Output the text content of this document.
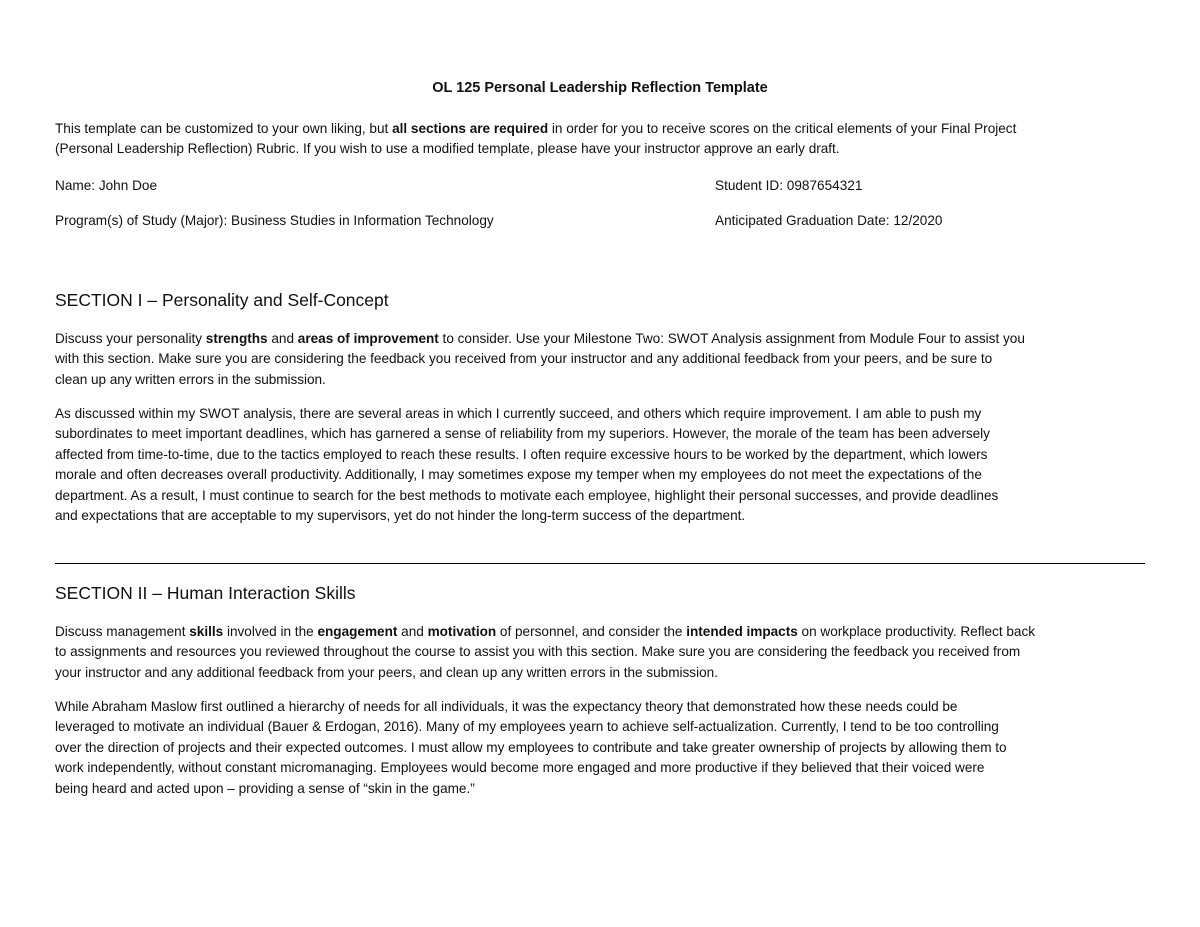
OL 125 Personal Leadership Reflection Template
This template can be customized to your own liking, but all sections are required in order for you to receive scores on the critical elements of your Final Project
(Personal Leadership Reflection) Rubric. If you wish to use a modified template, please have your instructor approve an early draft.
Name: John Doe	Student ID: 0987654321
Program(s) of Study (Major): Business Studies in Information Technology	Anticipated Graduation Date: 12/2020
SECTION I – Personality and Self-Concept
Discuss your personality strengths and areas of improvement to consider. Use your Milestone Two: SWOT Analysis assignment from Module Four to assist you
with this section. Make sure you are considering the feedback you received from your instructor and any additional feedback from your peers, and be sure to
clean up any written errors in the submission.
As discussed within my SWOT analysis, there are several areas in which I currently succeed, and others which require improvement. I am able to push my
subordinates to meet important deadlines, which has garnered a sense of reliability from my superiors. However, the morale of the team has been adversely
affected from time-to-time, due to the tactics employed to reach these results. I often require excessive hours to be worked by the department, which lowers
morale and often decreases overall productivity. Additionally, I may sometimes expose my temper when my employees do not meet the expectations of the
department. As a result, I must continue to search for the best methods to motivate each employee, highlight their personal successes, and provide deadlines
and expectations that are acceptable to my supervisors, yet do not hinder the long-term success of the department.
SECTION II – Human Interaction Skills
Discuss management skills involved in the engagement and motivation of personnel, and consider the intended impacts on workplace productivity. Reflect back
to assignments and resources you reviewed throughout the course to assist you with this section. Make sure you are considering the feedback you received from
your instructor and any additional feedback from your peers, and clean up any written errors in the submission.
While Abraham Maslow first outlined a hierarchy of needs for all individuals, it was the expectancy theory that demonstrated how these needs could be
leveraged to motivate an individual (Bauer & Erdogan, 2016). Many of my employees yearn to achieve self-actualization. Currently, I tend to be too controlling
over the direction of projects and their expected outcomes. I must allow my employees to contribute and take greater ownership of projects by allowing them to
work independently, without constant micromanaging. Employees would become more engaged and more productive if they believed that their voiced were
being heard and acted upon – providing a sense of “skin in the game.”
